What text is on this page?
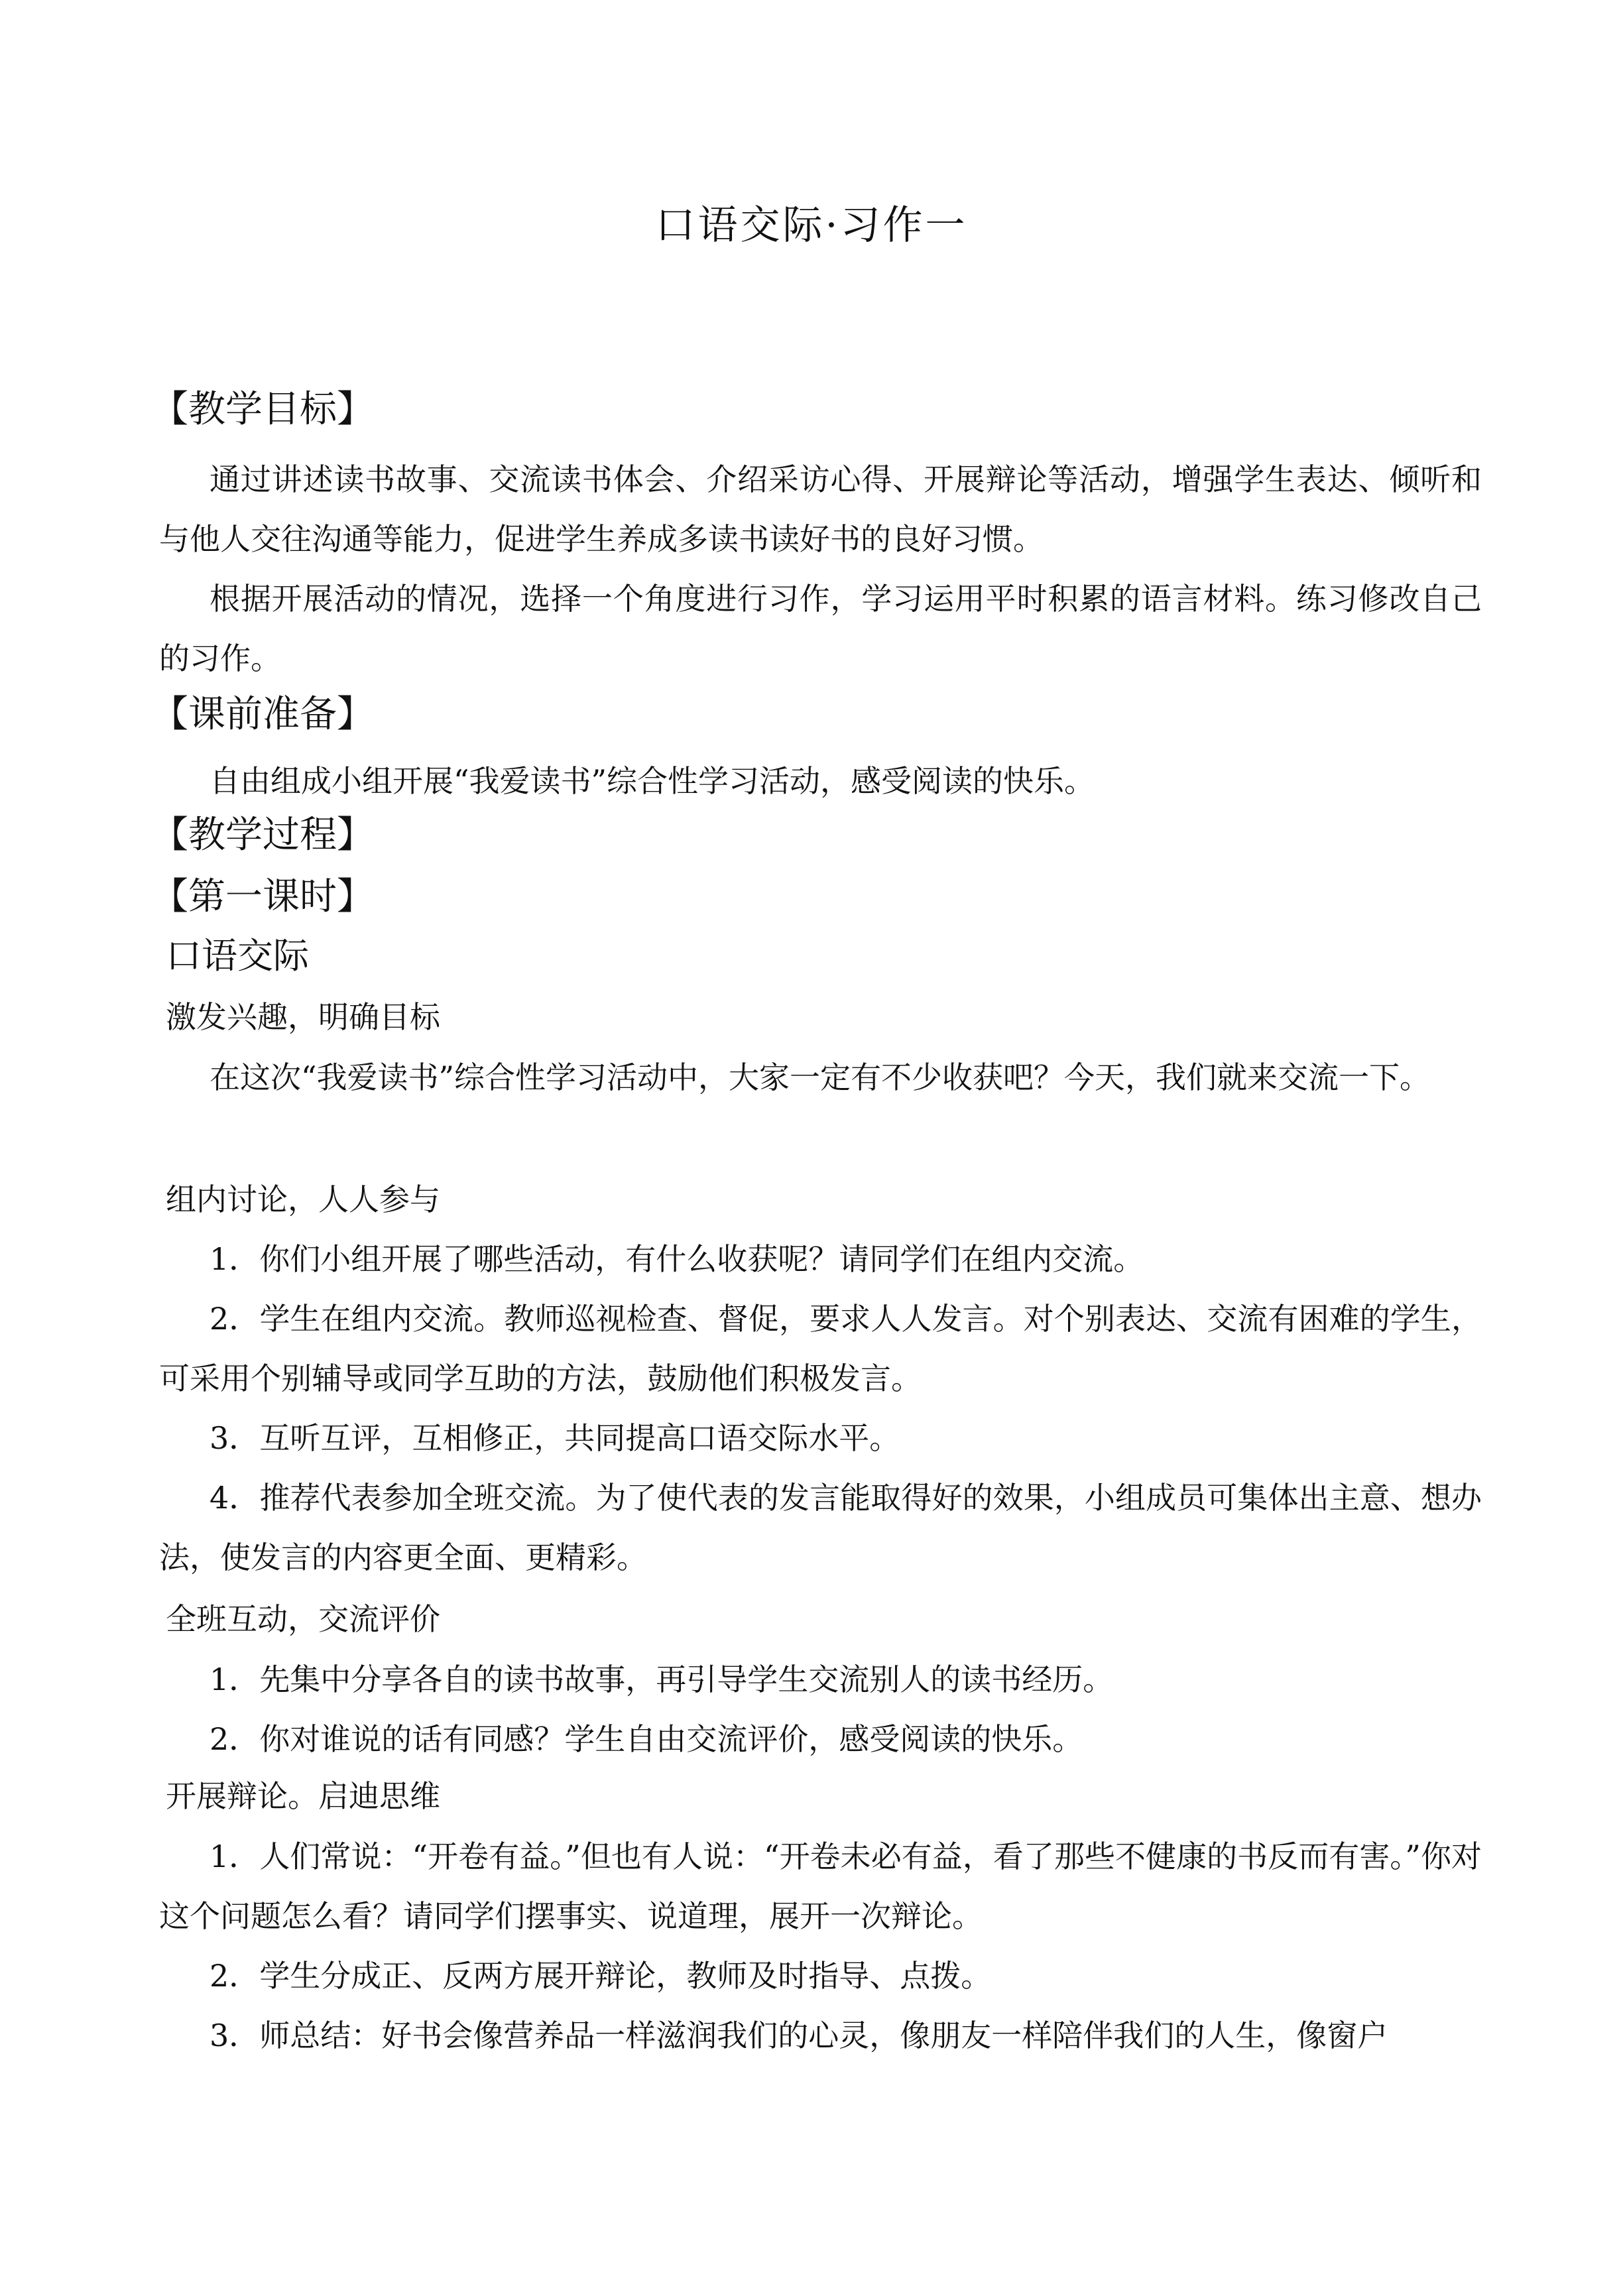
口语交际·习作一
【教学目标】

通过讲述读书故事、交流读书体会、介绍采访心得、开展辩论等活动，增强学生表达、倾听和与他人交往沟通等能力，促进学生养成多读书读好书的良好习惯。

根据开展活动的情况，选择一个角度进行习作，学习运用平时积累的语言材料。练习修改自己的习作。

【课前准备】

自由组成小组开展“我爱读书”综合性学习活动，感受阅读的快乐。

【教学过程】
【第一课时】
口语交际
激发兴趣，明确目标

在这次“我爱读书”综合性学习活动中，大家一定有不少收获吧？今天，我们就来交流一下。

组内讨论，人人参与

1．你们小组开展了哪些活动，有什么收获呢？请同学们在组内交流。

2．学生在组内交流。教师巡视检查、督促，要求人人发言。对个别表达、交流有困难的学生，可采用个别辅导或同学互助的方法，鼓励他们积极发言。

3．互听互评，互相修正，共同提高口语交际水平。

4．推荐代表参加全班交流。为了使代表的发言能取得好的效果，小组成员可集体出主意、想办法，使发言的内容更全面、更精彩。

全班互动，交流评价

1．先集中分享各自的读书故事，再引导学生交流别人的读书经历。

2．你对谁说的话有同感？学生自由交流评价，感受阅读的快乐。

开展辩论。启迪思维

1．人们常说：“开卷有益。”但也有人说：“开卷未必有益，看了那些不健康的书反而有害。”你对这个问题怎么看？请同学们摆事实、说道理，展开一次辩论。

2．学生分成正、反两方展开辩论，教师及时指导、点拨。

3．师总结：好书会像营养品一样滋润我们的心灵，像朋友一样陪伴我们的人生，像窗户
